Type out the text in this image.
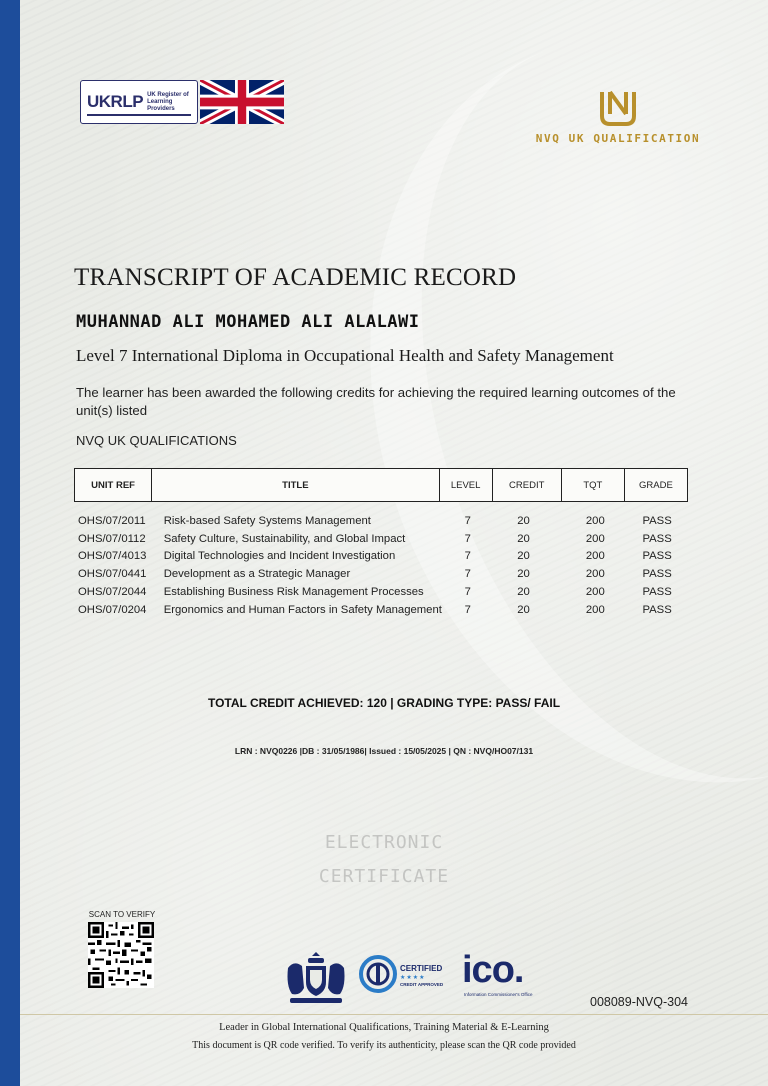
UKRLP UK Register of Learning Providers
NVQ UK QUALIFICATION
TRANSCRIPT OF ACADEMIC RECORD
MUHANNAD ALI MOHAMED ALI ALALAWI
Level 7 International Diploma in Occupational Health and Safety Management
The learner has been awarded the following credits for achieving the required learning outcomes of the unit(s) listed
NVQ UK QUALIFICATIONS
UNIT REF	TITLE	LEVEL	CREDIT	TQT	GRADE
OHS/07/2011	Risk-based Safety Systems Management	7	20	200	PASS
OHS/07/0112	Safety Culture, Sustainability, and Global Impact	7	20	200	PASS
OHS/07/4013	Digital Technologies and Incident Investigation	7	20	200	PASS
OHS/07/0441	Development as a Strategic Manager	7	20	200	PASS
OHS/07/2044	Establishing Business Risk Management Processes	7	20	200	PASS
OHS/07/0204	Ergonomics and Human Factors in Safety Management	7	20	200	PASS
TOTAL CREDIT ACHIEVED: 120 | GRADING TYPE: PASS/ FAIL
LRN : NVQ0226 |DB : 31/05/1986| Issued : 15/05/2025 | QN : NVQ/HO07/131
ELECTRONIC
CERTIFICATE
SCAN TO VERIFY
CERTIFIED
★★★★
CREDIT APPROVED ico.
Information Commissioner's Office
008089-NVQ-304
Leader in Global International Qualifications, Training Material & E-Learning
This document is QR code verified. To verify its authenticity, please scan the QR code provided
